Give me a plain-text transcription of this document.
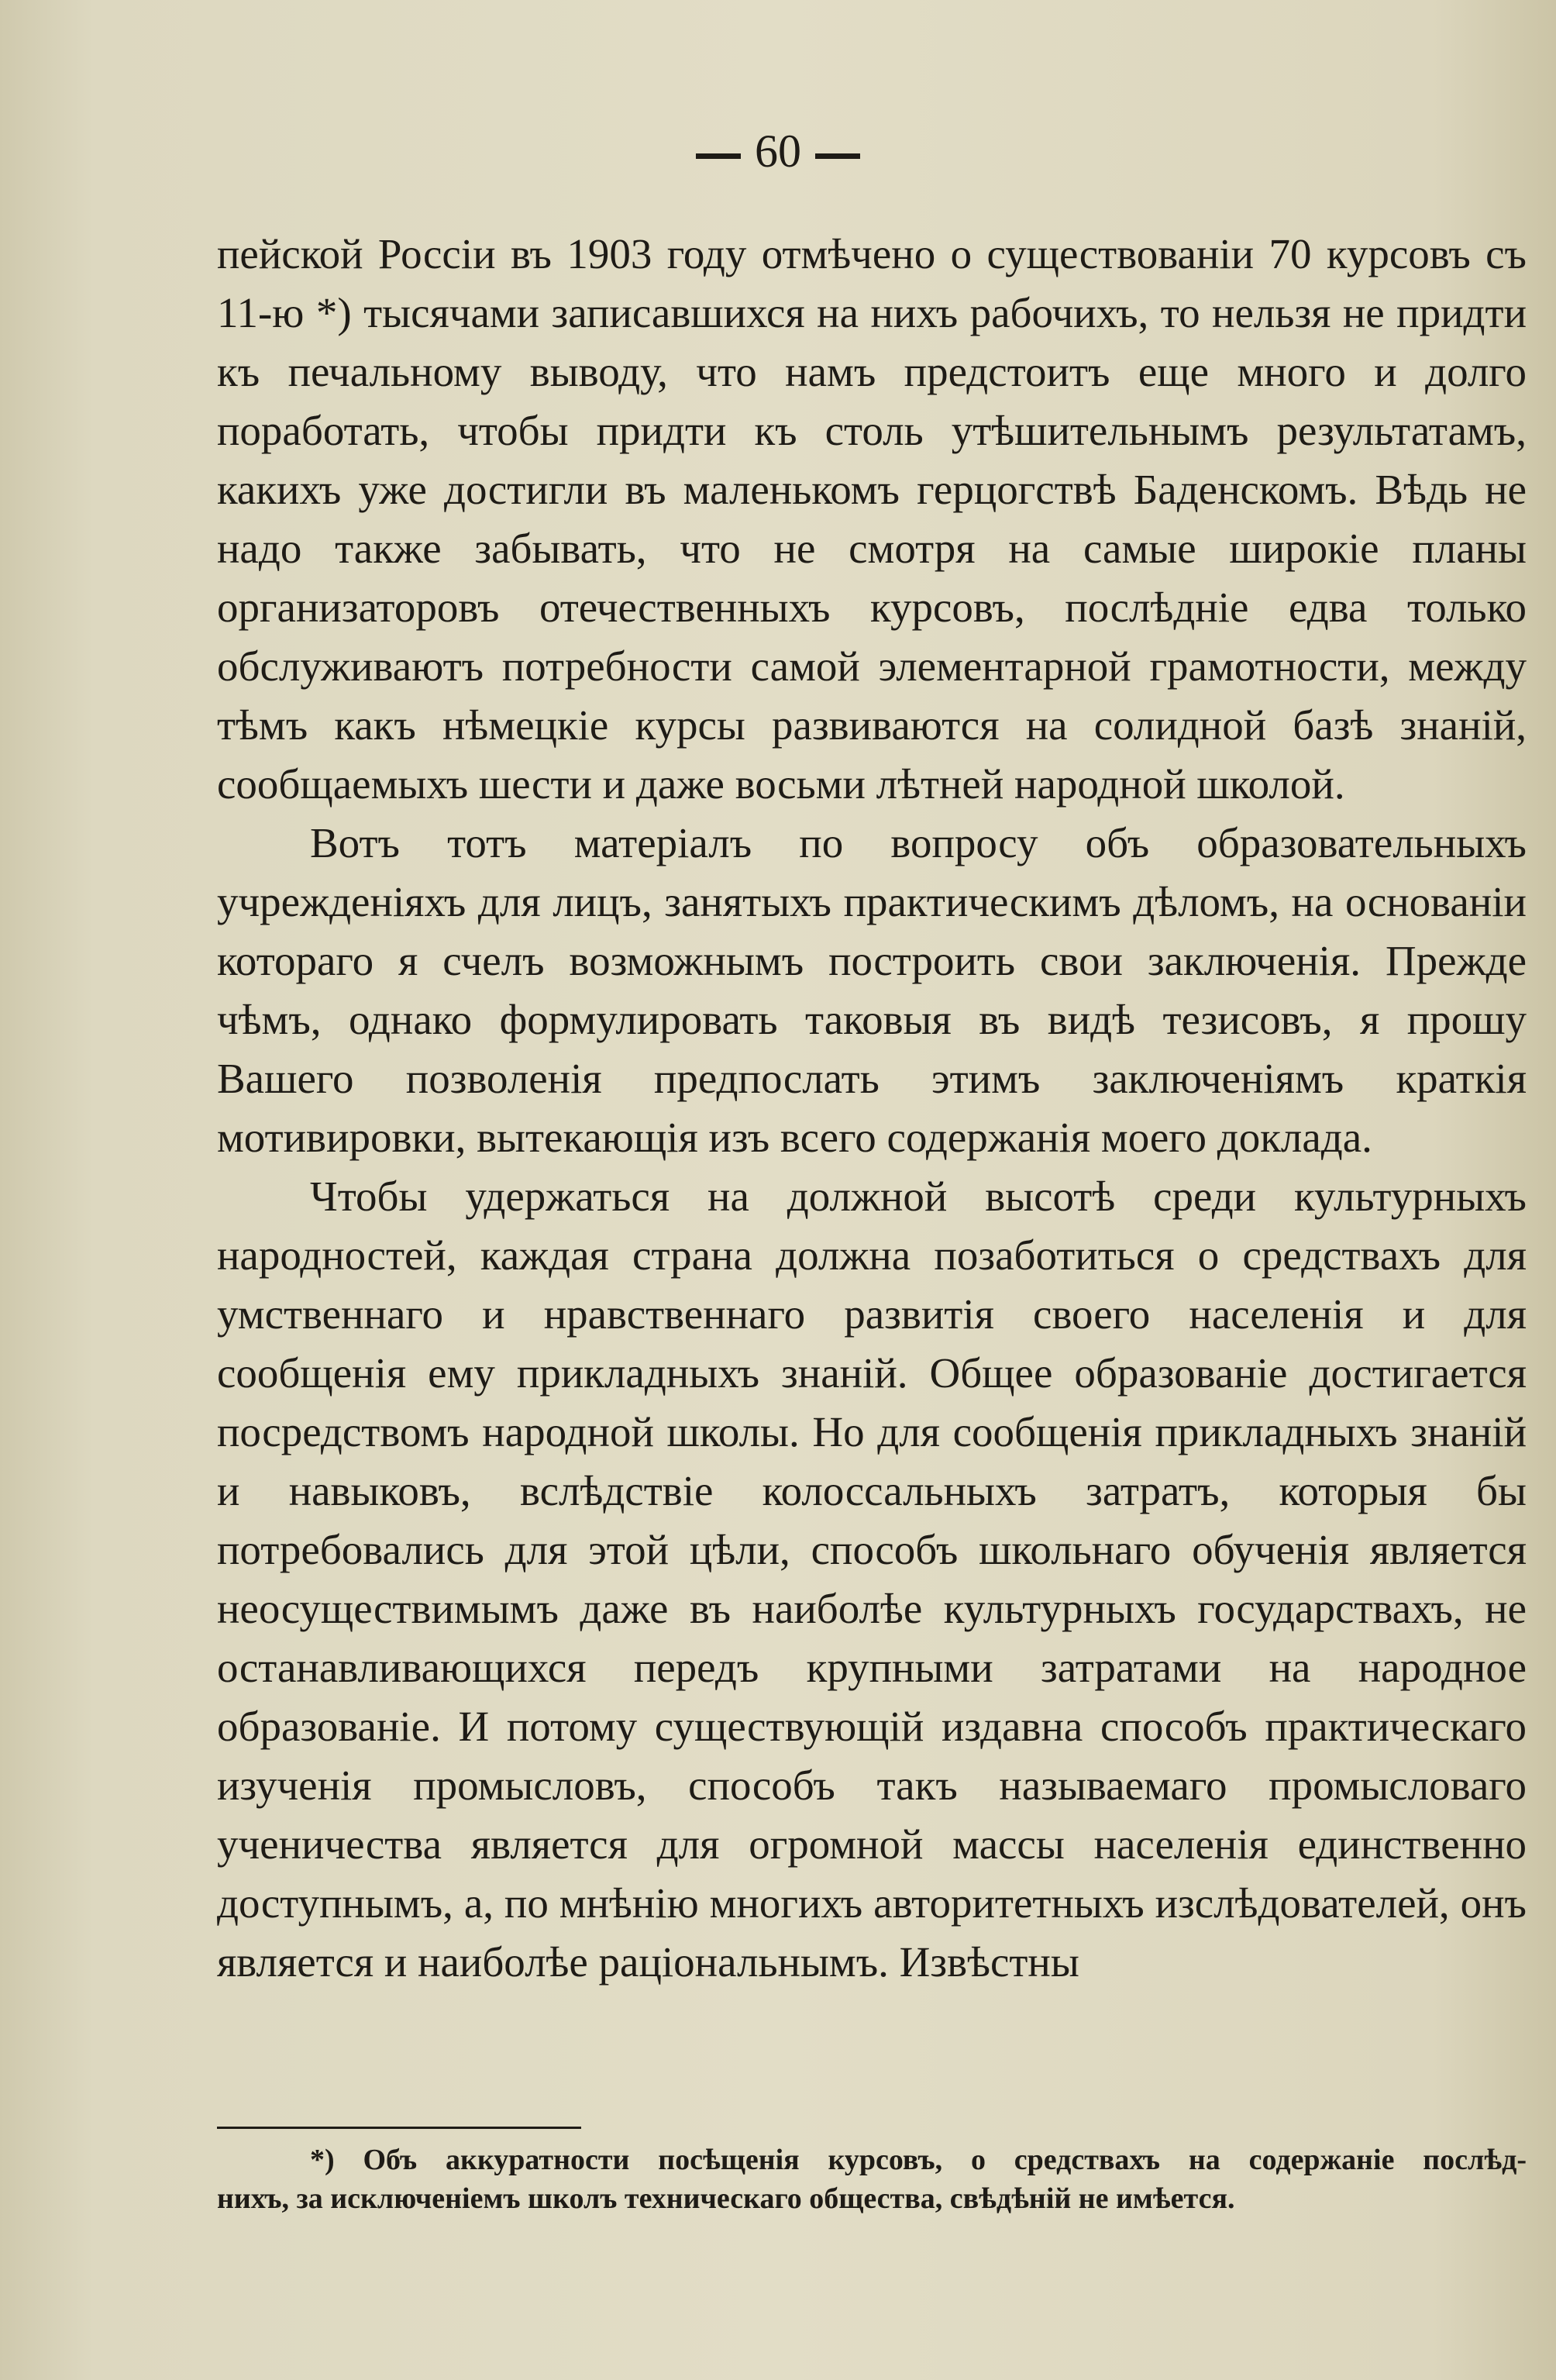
60

пейской Россіи въ 1903 году отмѣчено о существованіи 70 курсовъ съ 11-ю *) тысячами записавшихся на нихъ рабочихъ, то нельзя не придти къ печальному выводу, что намъ предстоитъ еще много и долго поработать, чтобы придти къ столь утѣшительнымъ результатамъ, какихъ уже достигли въ маленькомъ герцогствѣ Баденскомъ. Вѣдь не надо также забывать, что не смотря на самые широкіе планы организаторовъ отечественныхъ курсовъ, послѣдніе едва только обслуживаютъ потребности самой элементарной грамотности, между тѣмъ какъ нѣмецкіе курсы развиваются на солидной базѣ знаній, сообщаемыхъ шести и даже восьми лѣтней народной школой.

Вотъ тотъ матеріалъ по вопросу объ образовательныхъ учрежденіяхъ для лицъ, занятыхъ практическимъ дѣломъ, на основаніи котораго я счелъ возможнымъ построить свои заключенія. Прежде чѣмъ, однако формулировать таковыя въ видѣ тезисовъ, я прошу Вашего позволенія предпослать этимъ заключеніямъ краткія мотивировки, вытекающія изъ всего содержанія моего доклада.

Чтобы удержаться на должной высотѣ среди культурныхъ народностей, каждая страна должна позаботиться о средствахъ для умственнаго и нравственнаго развитія своего населенія и для сообщенія ему прикладныхъ знаній. Общее образованіе достигается посредствомъ народной школы. Но для сообщенія прикладныхъ знаній и навыковъ, вслѣдствіе колоссальныхъ затратъ, которыя бы потребовались для этой цѣли, способъ школьнаго обученія является неосуществимымъ даже въ наиболѣе культурныхъ государствахъ, не останавливающихся передъ крупными затратами на народное образованіе. И потому существующій издавна способъ практическаго изученія промысловъ, способъ такъ называемаго промысловаго ученичества является для огромной массы населенія единственно доступнымъ, а, по мнѣнію многихъ авторитетныхъ изслѣдователей, онъ является и наиболѣе раціональнымъ. Извѣстны

*) Объ аккуратности посѣщенія курсовъ, о средствахъ на содержаніе послѣд-

нихъ, за исключеніемъ школъ техническаго общества, свѣдѣній не имѣется.
